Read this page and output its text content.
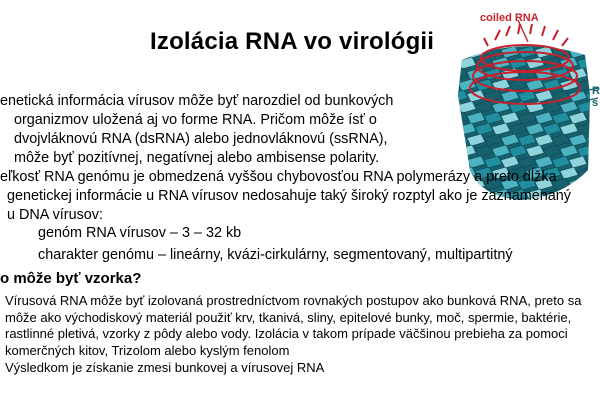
Izolácia RNA vo virológii
R
s
coiled RNA
enetická informácia vírusov môže byť narozdiel od bunkových
organizmov uložená aj vo forme RNA. Pričom môže ísť o
dvojvláknovú RNA (dsRNA) alebo jednovláknovú (ssRNA),
môže byť pozitívnej, negatívnej alebo ambisense polarity.
eľkosť RNA genómu je obmedzená vyššou chybovosťou RNA polymerázy a preto dĺžka
genetickej informácie u RNA vírusov nedosahuje taký široký rozptyl ako je zaznamenaný
u DNA vírusov:
genóm RNA vírusov – 3 – 32 kb
charakter genómu – lineárny, kvázi-cirkulárny, segmentovaný, multipartitný
o môže byť vzorka?
Vírusová RNA môže byť izolovaná prostredníctvom rovnakých postupov ako bunková RNA, preto sa
môže ako východiskový materiál použiť krv, tkanivá, sliny, epitelové bunky, moč, spermie, baktérie,
rastlinné pletivá, vzorky z pôdy alebo vody. Izolácia v takom prípade väčšinou prebieha za pomoci
komerčných kitov, Trizolom alebo kyslým fenolom
Výsledkom je získanie zmesi bunkovej a vírusovej RNA
